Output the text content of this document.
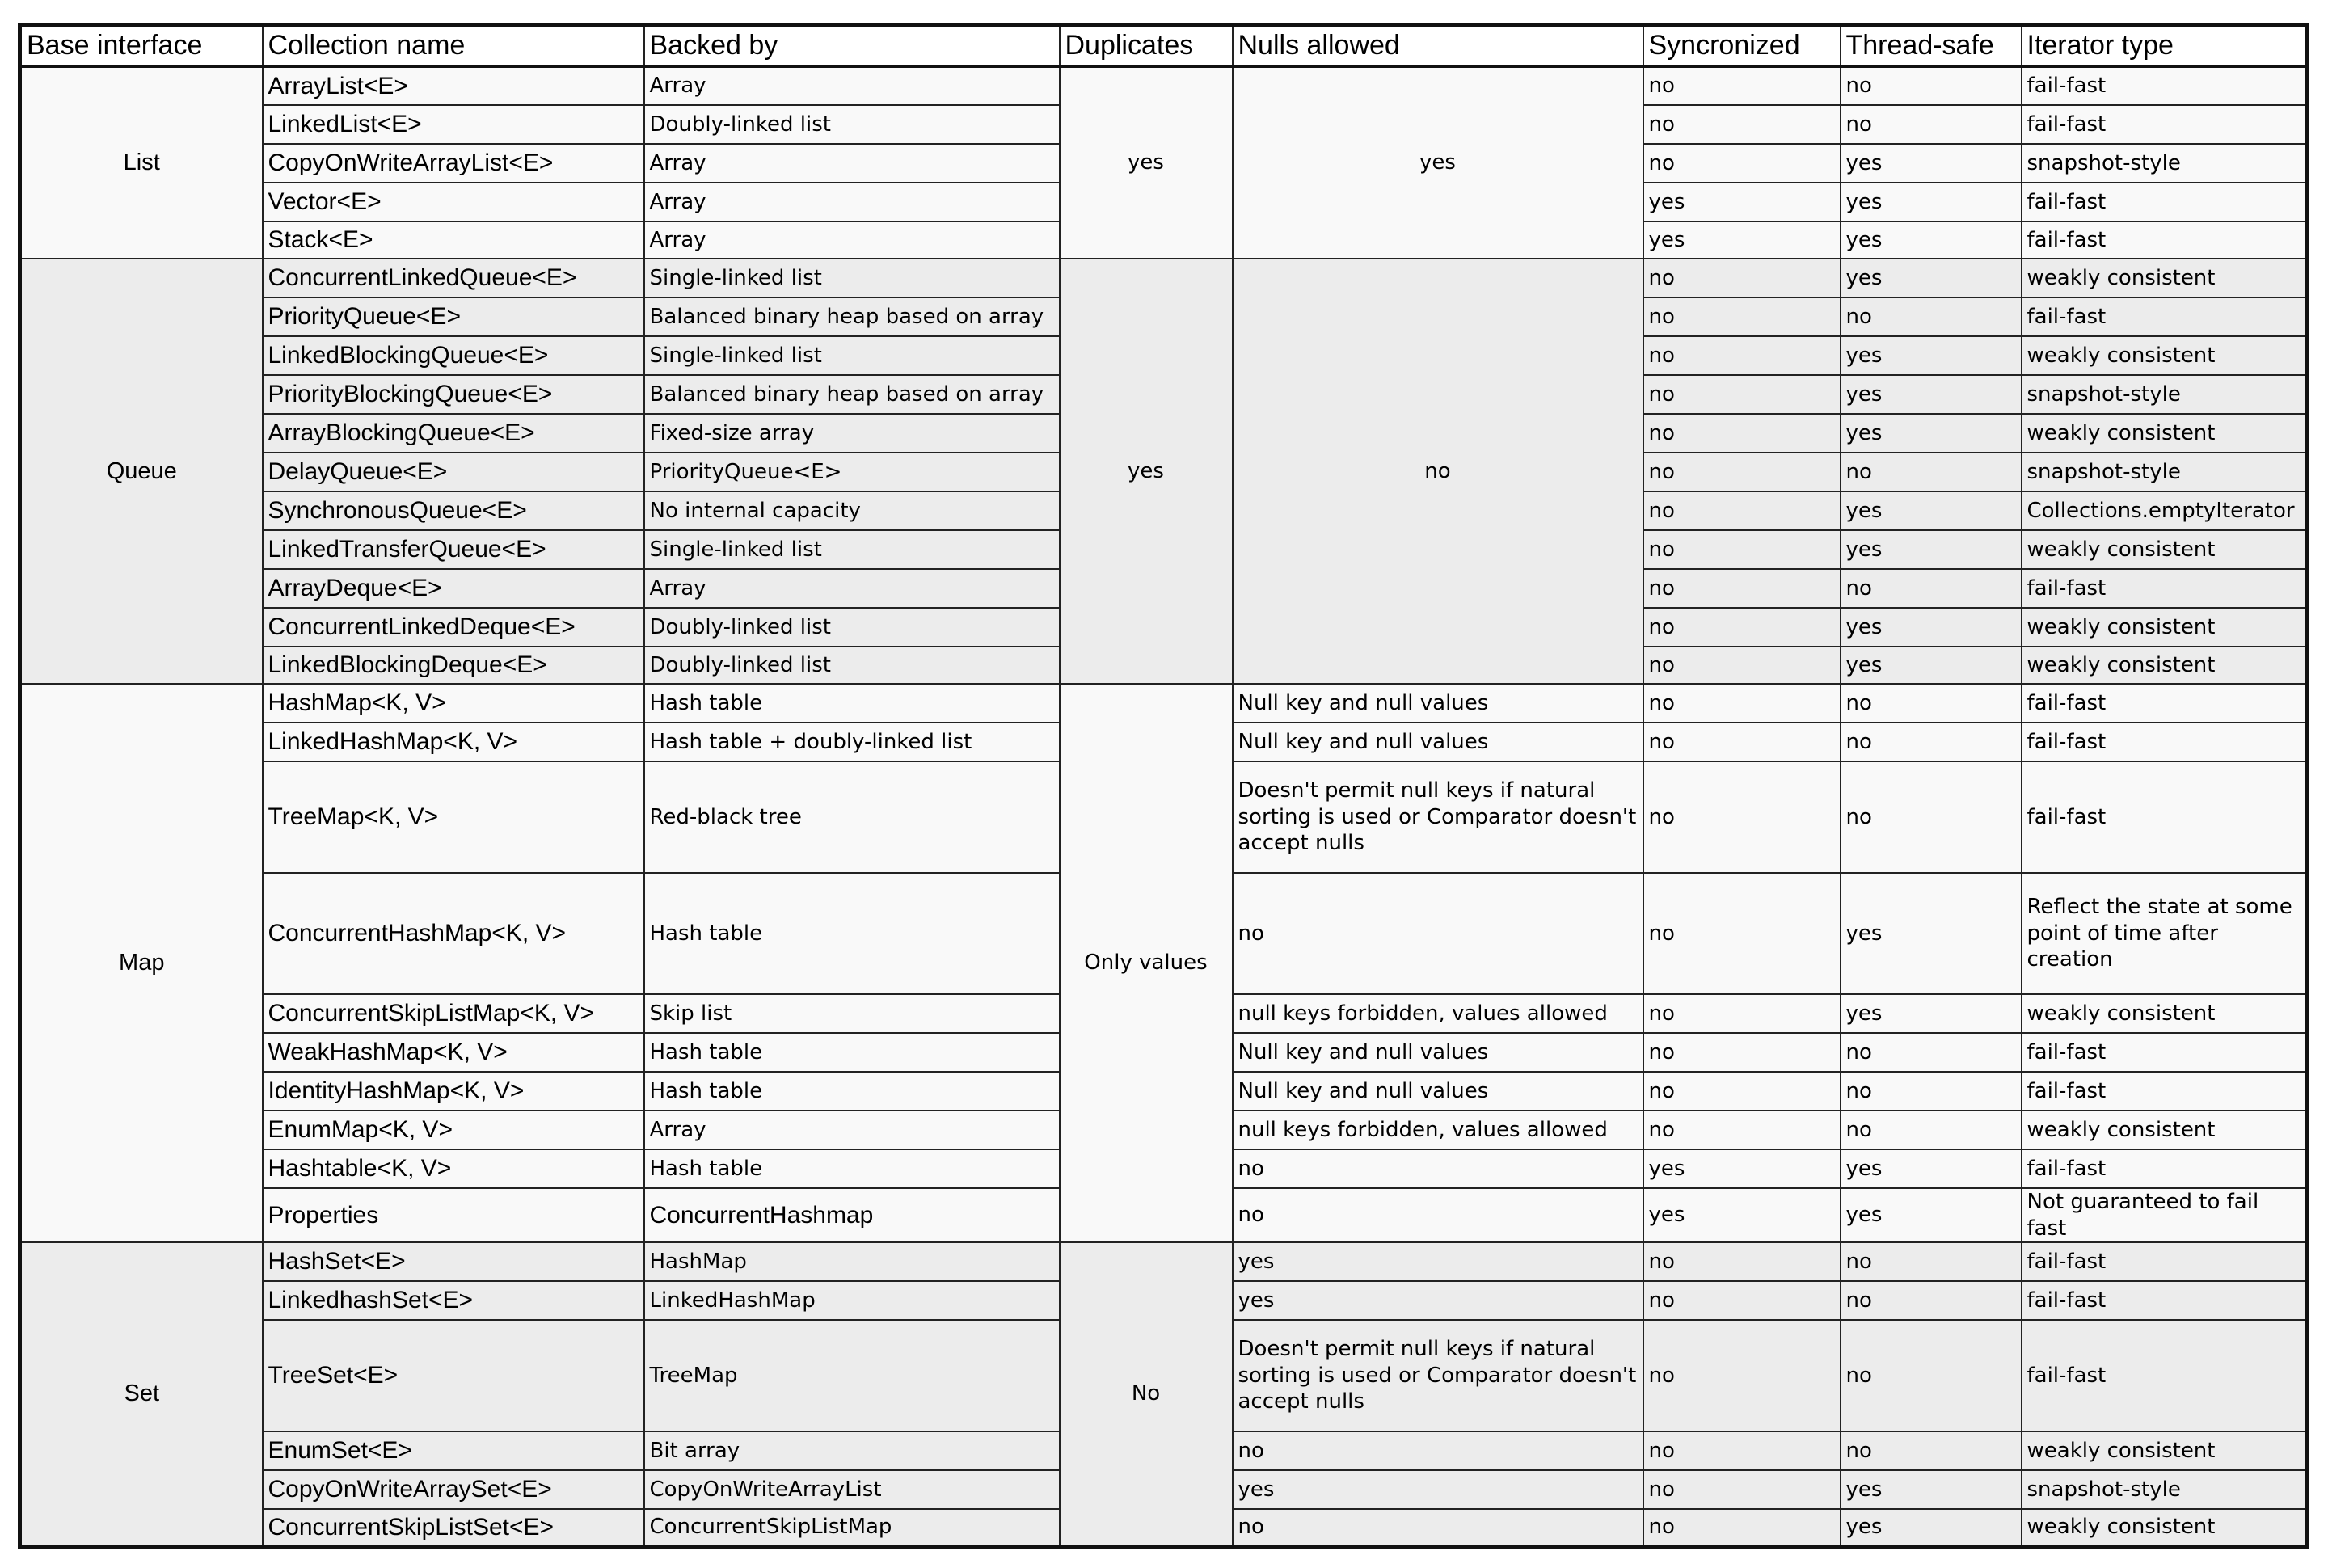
Base interface	Collection name	Backed by	Duplicates	Nulls allowed	Syncronized	Thread-safe	Iterator type
List	ArrayList<E>	Array	yes	yes	no	no	fail-fast
	LinkedList<E>	Doubly-linked list			no	no	fail-fast
	CopyOnWriteArrayList<E>	Array			no	yes	snapshot-style
	Vector<E>	Array			yes	yes	fail-fast
	Stack<E>	Array			yes	yes	fail-fast
Queue	ConcurrentLinkedQueue<E>	Single-linked list	yes	no	no	yes	weakly consistent
	PriorityQueue<E>	Balanced binary heap based on array			no	no	fail-fast
	LinkedBlockingQueue<E>	Single-linked list			no	yes	weakly consistent
	PriorityBlockingQueue<E>	Balanced binary heap based on array			no	yes	snapshot-style
	ArrayBlockingQueue<E>	Fixed-size array			no	yes	weakly consistent
	DelayQueue<E>	PriorityQueue<E>			no	no	snapshot-style
	SynchronousQueue<E>	No internal capacity			no	yes	Collections.emptyIterator
	LinkedTransferQueue<E>	Single-linked list			no	yes	weakly consistent
	ArrayDeque<E>	Array			no	no	fail-fast
	ConcurrentLinkedDeque<E>	Doubly-linked list			no	yes	weakly consistent
	LinkedBlockingDeque<E>	Doubly-linked list			no	yes	weakly consistent
Map	HashMap<K, V>	Hash table	Only values	Null key and null values	no	no	fail-fast
	LinkedHashMap<K, V>	Hash table + doubly-linked list		Null key and null values	no	no	fail-fast
	TreeMap<K, V>	Red-black tree		Doesn't permit null keys if natural sorting is used or Comparator doesn't accept nulls	no	no	fail-fast
	ConcurrentHashMap<K, V>	Hash table		no	no	yes	Reflect the state at some point of time after creation
	ConcurrentSkipListMap<K, V>	Skip list		null keys forbidden, values allowed	no	yes	weakly consistent
	WeakHashMap<K, V>	Hash table		Null key and null values	no	no	fail-fast
	IdentityHashMap<K, V>	Hash table		Null key and null values	no	no	fail-fast
	EnumMap<K, V>	Array		null keys forbidden, values allowed	no	no	weakly consistent
	Hashtable<K, V>	Hash table		no	yes	yes	fail-fast
	Properties	ConcurrentHashmap		no	yes	yes	Not guaranteed to fail fast
Set	HashSet<E>	HashMap	No	yes	no	no	fail-fast
	LinkedhashSet<E>	LinkedHashMap		yes	no	no	fail-fast
	TreeSet<E>	TreeMap		Doesn't permit null keys if natural sorting is used or Comparator doesn't accept nulls	no	no	fail-fast
	EnumSet<E>	Bit array		no	no	no	weakly consistent
	CopyOnWriteArraySet<E>	CopyOnWriteArrayList		yes	no	yes	snapshot-style
	ConcurrentSkipListSet<E>	ConcurrentSkipListMap		no	no	yes	weakly consistent
